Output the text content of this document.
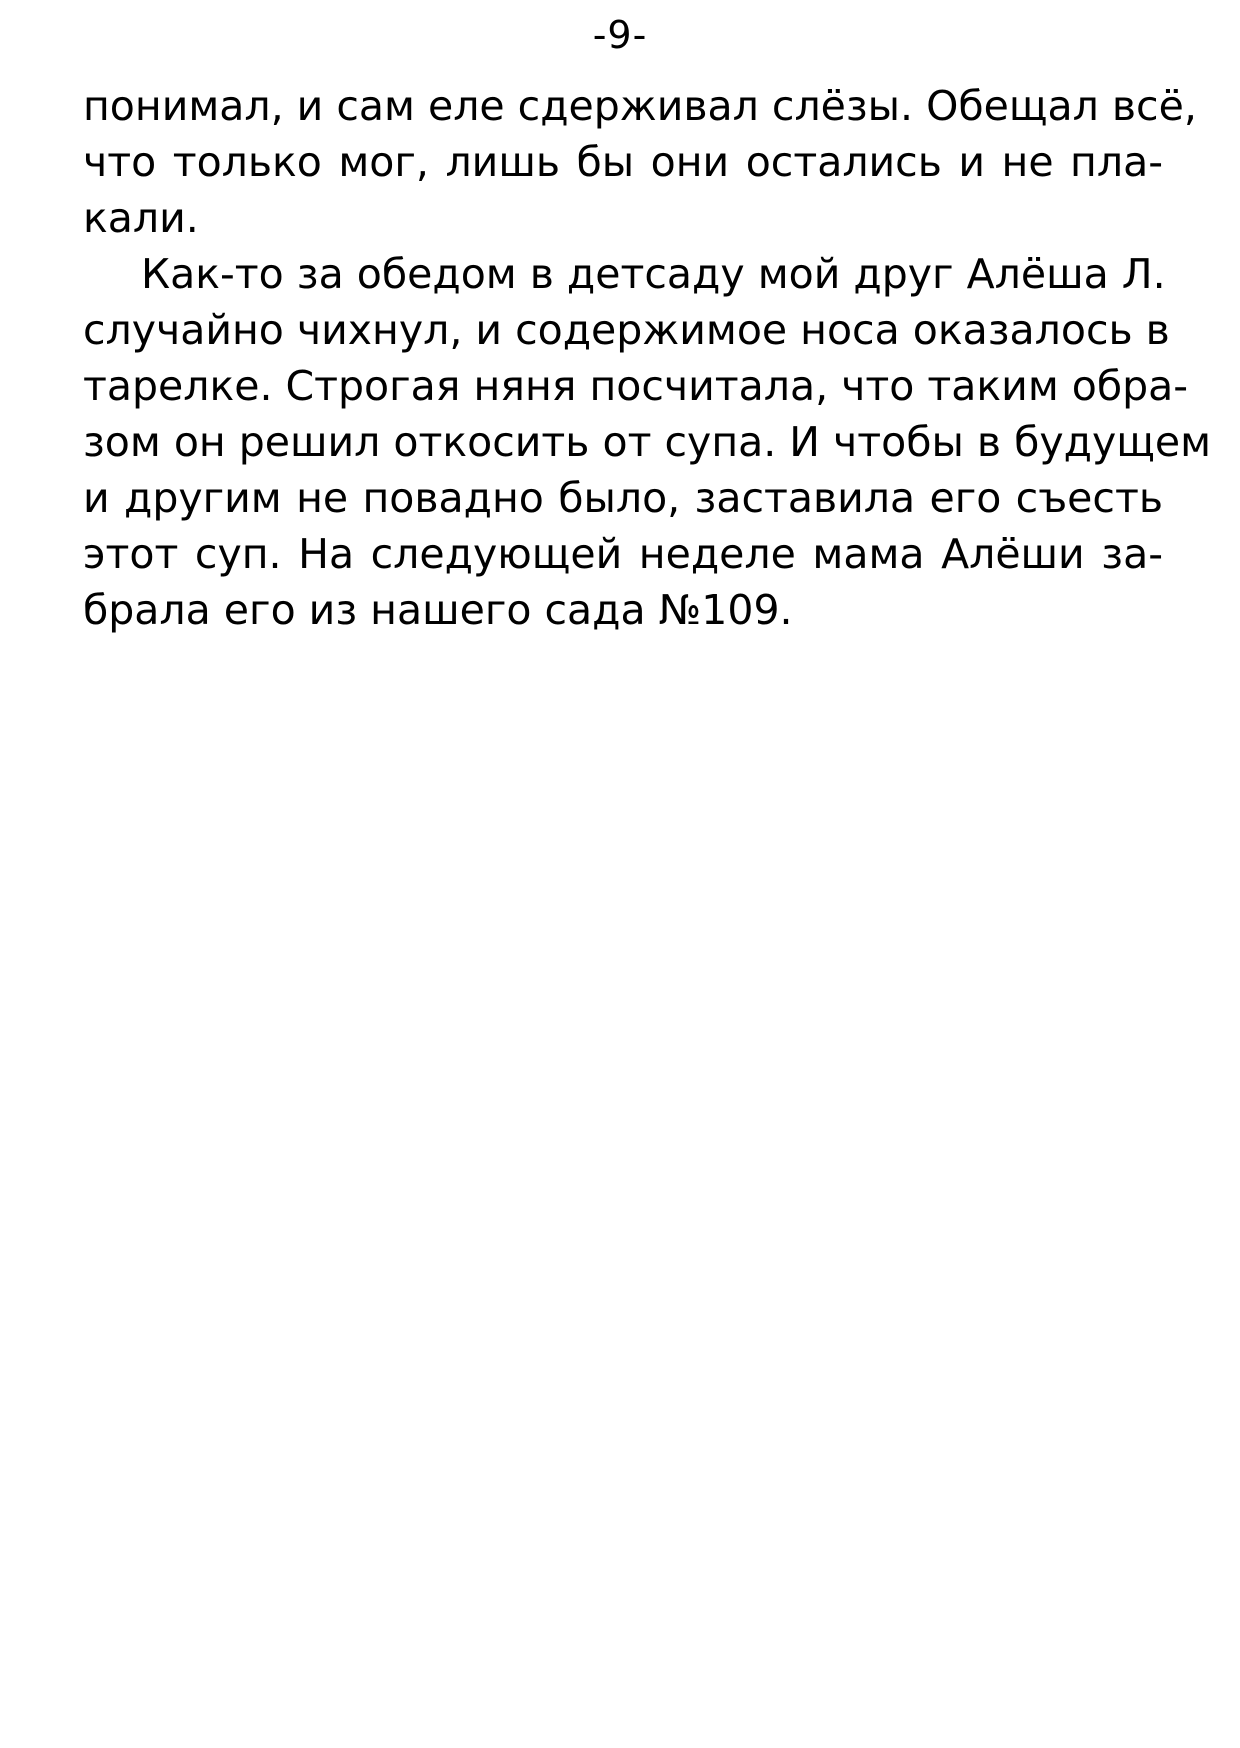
-9-
понимал, и сам еле сдерживал слёзы. Обещал всё,
что только мог, лишь бы они остались и не пла-
кали.
Как-то за обедом в детсаду мой друг Алёша Л.
случайно чихнул, и содержимое носа оказалось в
тарелке. Строгая няня посчитала, что таким обра-
зом он решил откосить от супа. И чтобы в будущем
и другим не повадно было, заставила его съесть
этот суп. На следующей неделе мама Алёши за-
брала его из нашего сада №109.
